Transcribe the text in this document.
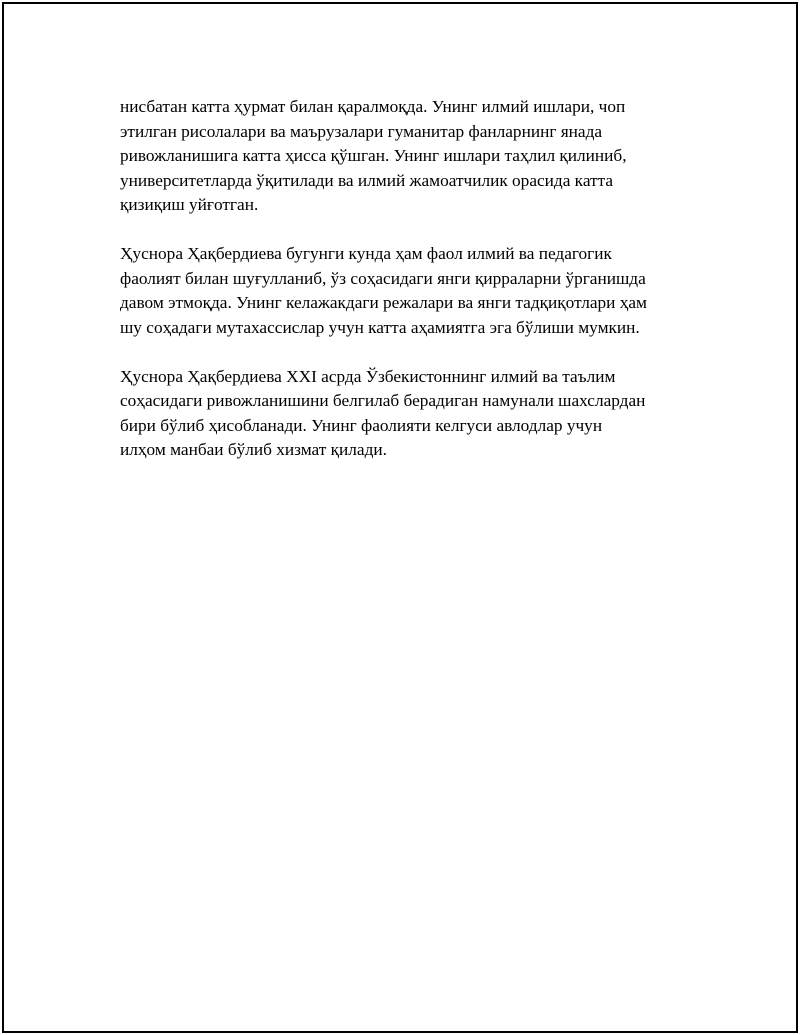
нисбатан катта ҳурмат билан қаралмоқда. Унинг илмий ишлари, чоп
этилган рисолалари ва маърузалари гуманитар фанларнинг янада
ривожланишига катта ҳисса қўшган. Унинг ишлари таҳлил қилиниб,
университетларда ўқитилади ва илмий жамоатчилик орасида катта
қизиқиш уйғотган.

Ҳуснора Ҳақбердиева бугунги кунда ҳам фаол илмий ва педагогик
фаолият билан шуғулланиб, ўз соҳасидаги янги қирраларни ўрганишда
давом этмоқда. Унинг келажакдаги режалари ва янги тадқиқотлари ҳам
шу соҳадаги мутахассислар учун катта аҳамиятга эга бўлиши мумкин.

Ҳуснора Ҳақбердиева XXI асрда Ўзбекистоннинг илмий ва таълим
соҳасидаги ривожланишини белгилаб берадиган намунали шахслардан
бири бўлиб ҳисобланади. Унинг фаолияти келгуси авлодлар учун
илҳом манбаи бўлиб хизмат қилади.
